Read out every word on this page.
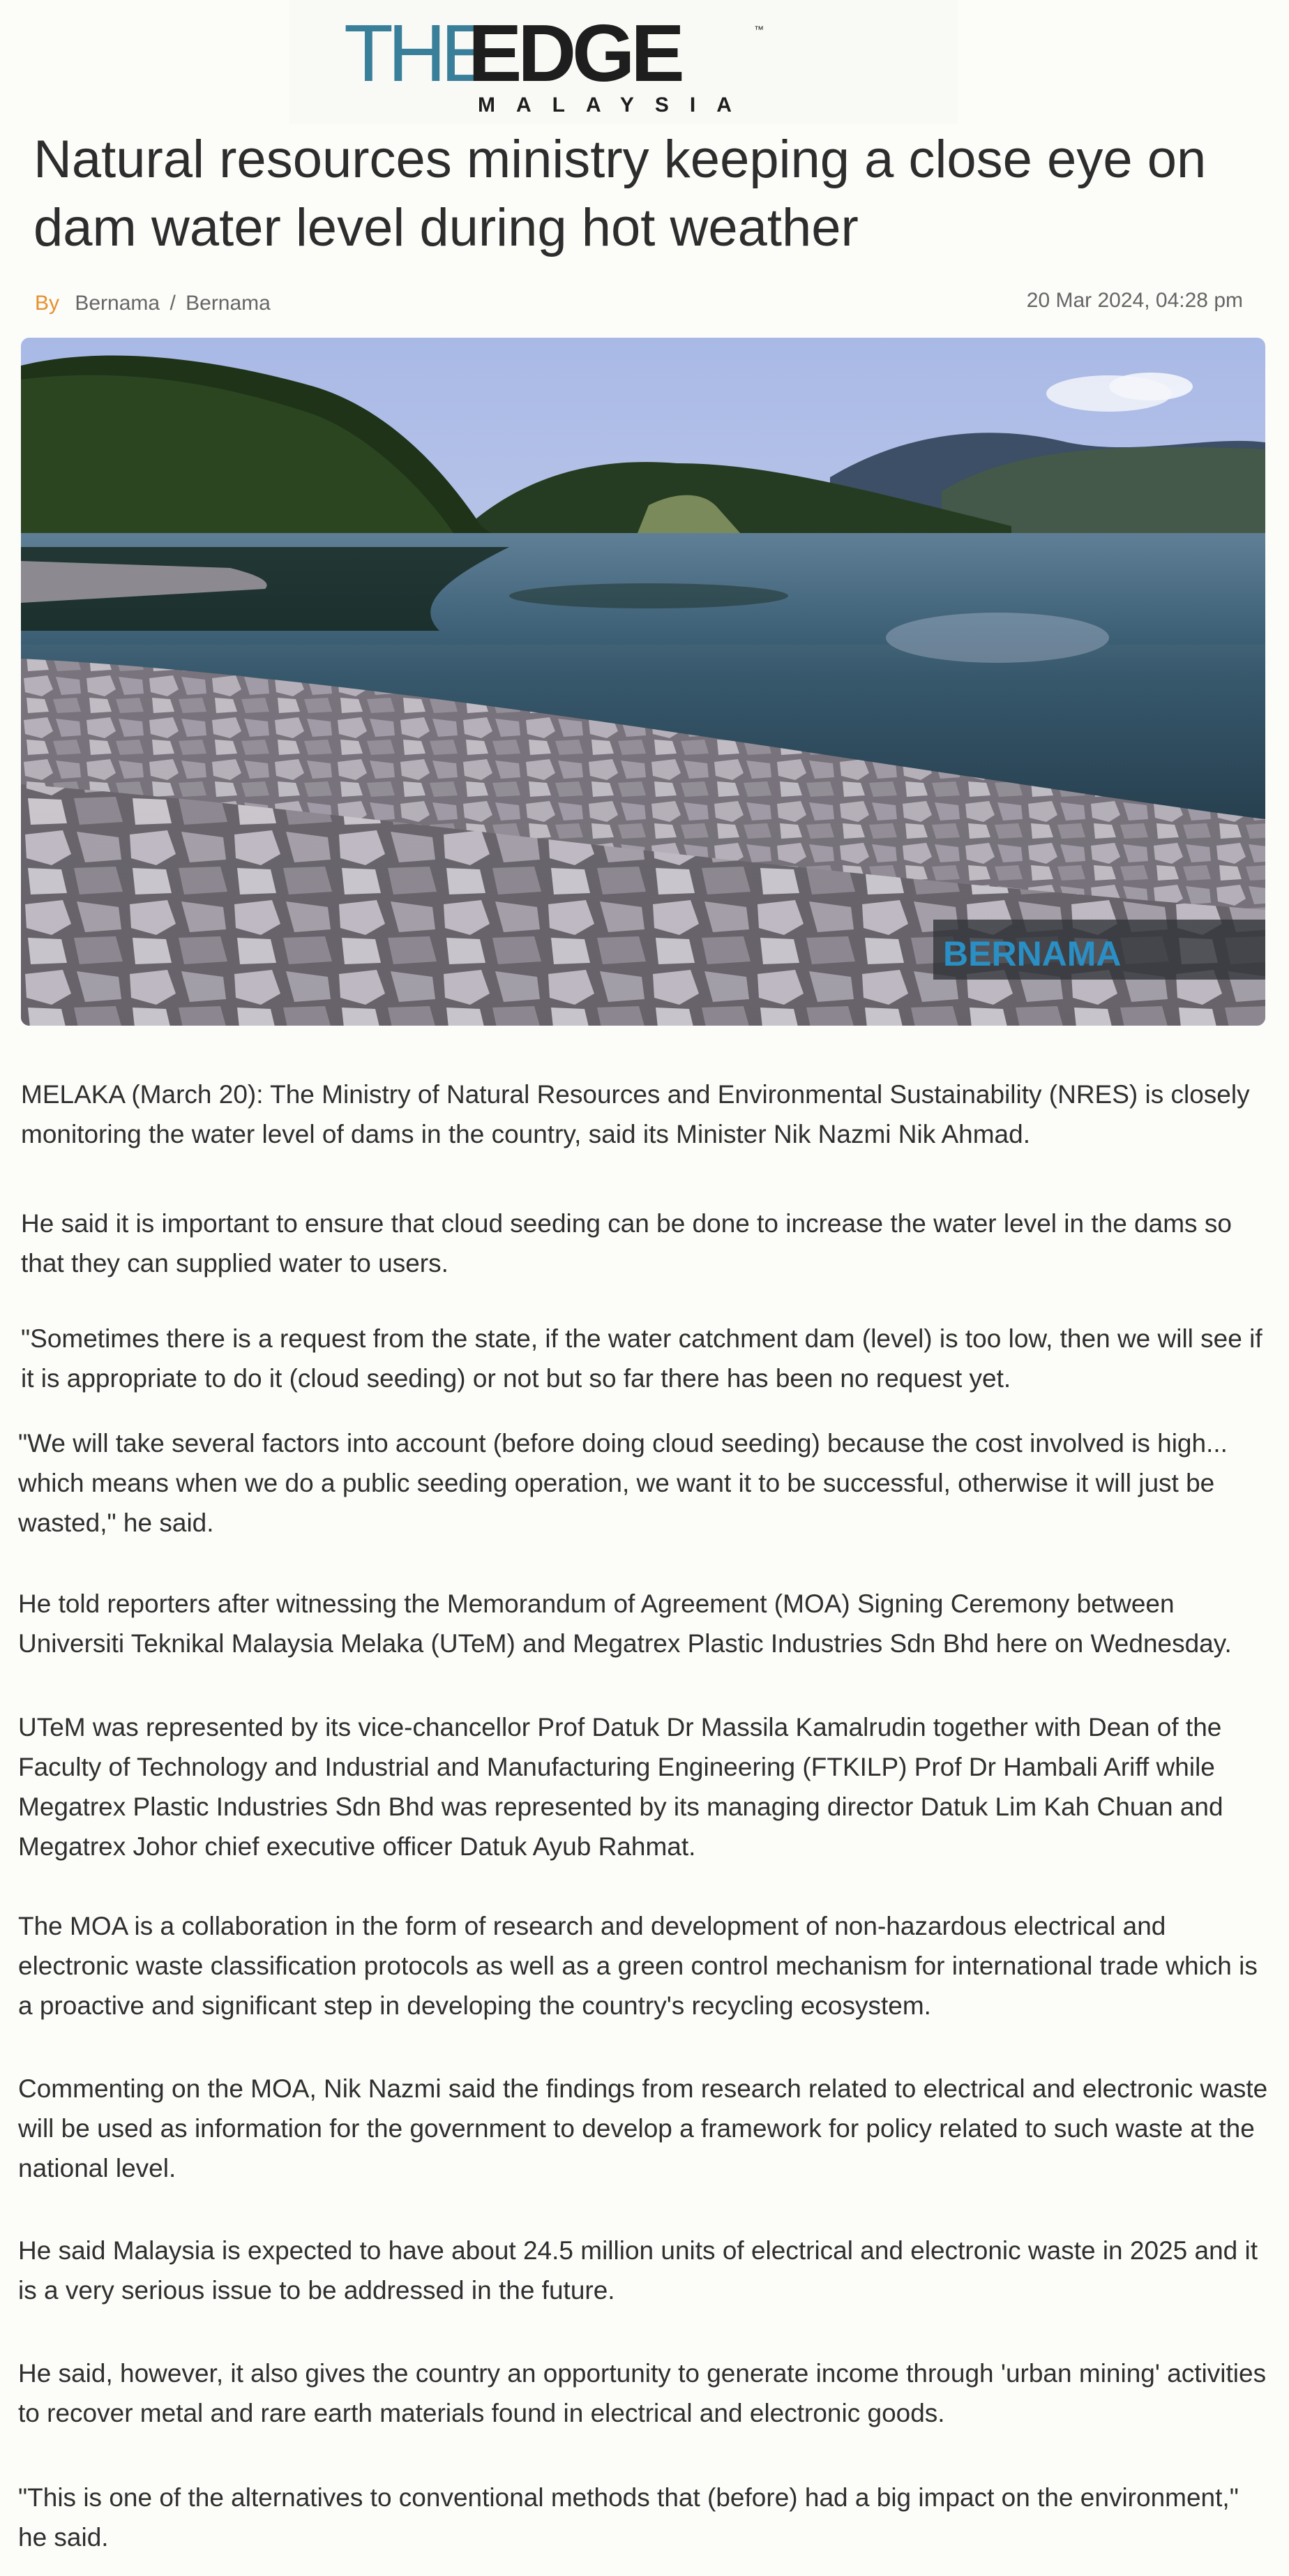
THE
EDGE	™
MALAYSIA
Natural resources ministry keeping a close eye on dam water level during hot weather
By Bernama / Bernama	20 Mar 2024, 04:28 pm
BERNAMA

MELAKA (March 20): The Ministry of Natural Resources and Environmental Sustainability (NRES) is closely monitoring the water level of dams in the country, said its Minister Nik Nazmi Nik Ahmad.

He said it is important to ensure that cloud seeding can be done to increase the water level in the dams so that they can supplied water to users.

"Sometimes there is a request from the state, if the water catchment dam (level) is too low, then we will see if it is appropriate to do it (cloud seeding) or not but so far there has been no request yet.

"We will take several factors into account (before doing cloud seeding) because the cost involved is high... which means when we do a public seeding operation, we want it to be successful, otherwise it will just be wasted," he said.

He told reporters after witnessing the Memorandum of Agreement (MOA) Signing Ceremony between Universiti Teknikal Malaysia Melaka (UTeM) and Megatrex Plastic Industries Sdn Bhd here on Wednesday.

UTeM was represented by its vice-chancellor Prof Datuk Dr Massila Kamalrudin together with Dean of the Faculty of Technology and Industrial and Manufacturing Engineering (FTKILP) Prof Dr Hambali Ariff while Megatrex Plastic Industries Sdn Bhd was represented by its managing director Datuk Lim Kah Chuan and Megatrex Johor chief executive officer Datuk Ayub Rahmat.

The MOA is a collaboration in the form of research and development of non-hazardous electrical and electronic waste classification protocols as well as a green control mechanism for international trade which is a proactive and significant step in developing the country's recycling ecosystem.

Commenting on the MOA, Nik Nazmi said the findings from research related to electrical and electronic waste will be used as information for the government to develop a framework for policy related to such waste at the national level.

He said Malaysia is expected to have about 24.5 million units of electrical and electronic waste in 2025 and it is a very serious issue to be addressed in the future.

He said, however, it also gives the country an opportunity to generate income through 'urban mining' activities to recover metal and rare earth materials found in electrical and electronic goods.

"This is one of the alternatives to conventional methods that (before) had a big impact on the environment," he said.
